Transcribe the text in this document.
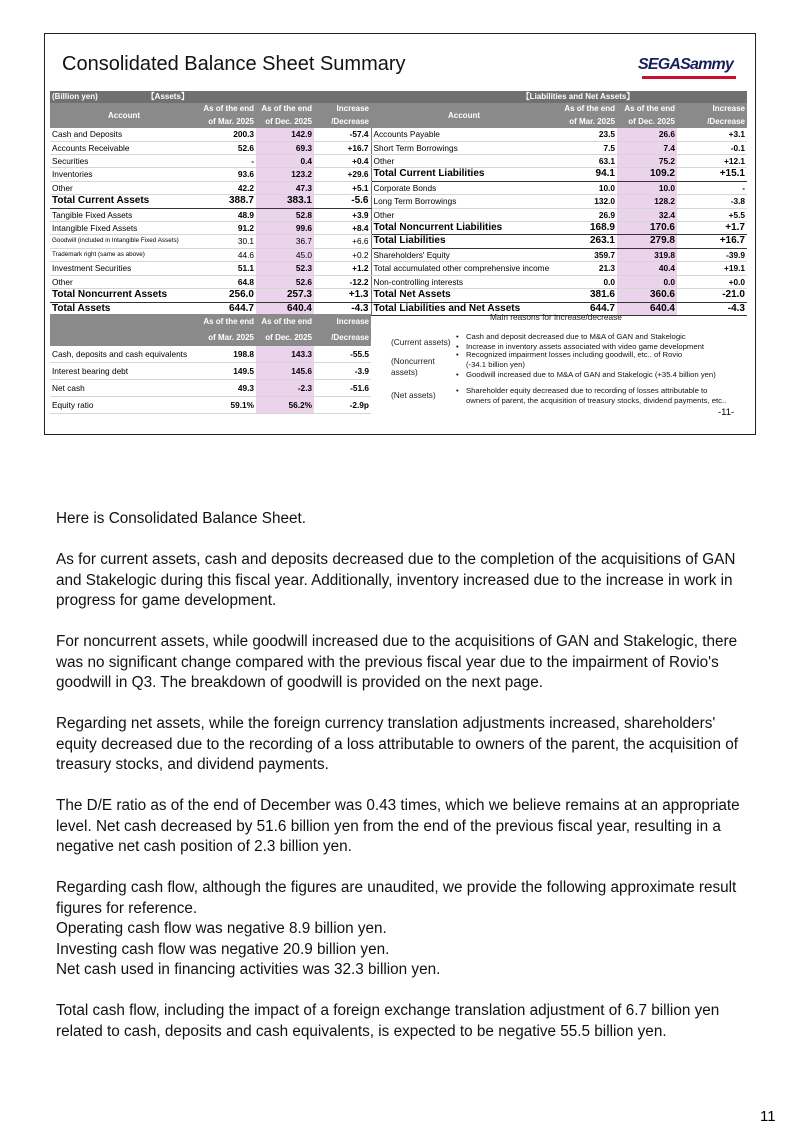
Consolidated Balance Sheet Summary	SEGASammy
(Billion yen) 【Assets】				【Liabilities and Net Assets】			
Account	As of the end of Mar. 2025	As of the end of Dec. 2025	Increase /Decrease	Account	As of the end of Mar. 2025	As of the end of Dec. 2025	Increase /Decrease
Cash and Deposits	200.3	142.9	-57.4	Accounts Payable	23.5	26.6	+3.1
Accounts Receivable	52.6	69.3	+16.7	Short Term Borrowings	7.5	7.4	-0.1
Securities	-	0.4	+0.4	Other	63.1	75.2	+12.1
Inventories	93.6	123.2	+29.6	Total Current Liabilities	94.1	109.2	+15.1
Other	42.2	47.3	+5.1	Corporate Bonds	10.0	10.0	-
Total Current Assets	388.7	383.1	-5.6	Long Term Borrowings	132.0	128.2	-3.8
Tangible Fixed Assets	48.9	52.8	+3.9	Other	26.9	32.4	+5.5
Intangible Fixed Assets	91.2	99.6	+8.4	Total Noncurrent Liabilities	168.9	170.6	+1.7
Goodwill (included in Intangible Fixed Assets)	30.1	36.7	+6.6	Total Liabilities	263.1	279.8	+16.7
Trademark right (same as above)	44.6	45.0	+0.2	Shareholders' Equity	359.7	319.8	-39.9
Investment Securities	51.1	52.3	+1.2	Total accumulated other comprehensive income	21.3	40.4	+19.1
Other	64.8	52.6	-12.2	Non-controlling interests	0.0	0.0	+0.0
Total Noncurrent Assets	256.0	257.3	+1.3	Total Net Assets	381.6	360.6	-21.0
Total Assets	644.7	640.4	-4.3	Total Liabilities and Net Assets	644.7	640.4	-4.3
	As of the end of Mar. 2025	As of the end of Dec. 2025	Increase /Decrease
Cash, deposits and cash equivalents	198.8	143.3	-55.5
Interest bearing debt	149.5	145.6	-3.9
Net cash	49.3	-2.3	-51.6
Equity ratio	59.1%	56.2%	-2.9p
Main reasons for increase/decrease
(Current assets)
• Cash and deposit decreased due to M&A of GAN and Stakelogic
• Increase in inventory assets associated with video game development
(Noncurrent
assets)
• Recognized impairment losses including goodwill, etc.. of Rovio
(-34.1 billion yen)
• Goodwill increased due to M&A of GAN and Stakelogic (+35.4 billion yen)
(Net assets)	• Shareholder equity decreased due to recording of losses attributable to
owners of parent, the acquisition of treasury stocks, dividend payments, etc..
-11-

Here is Consolidated Balance Sheet.

As for current assets, cash and deposits decreased due to the completion of the acquisitions of GAN and Stakelogic during this fiscal year. Additionally, inventory increased due to the increase in work in progress for game development.

For noncurrent assets, while goodwill increased due to the acquisitions of GAN and Stakelogic, there was no significant change compared with the previous fiscal year due to the impairment of Rovio's goodwill in Q3. The breakdown of goodwill is provided on the next page.

Regarding net assets, while the foreign currency translation adjustments increased, shareholders' equity decreased due to the recording of a loss attributable to owners of the parent, the acquisition of treasury stocks, and dividend payments.

The D/E ratio as of the end of December was 0.43 times, which we believe remains at an appropriate level. Net cash decreased by 51.6 billion yen from the end of the previous fiscal year, resulting in a negative net cash position of 2.3 billion yen.

Regarding cash flow, although the figures are unaudited, we provide the following approximate result figures for reference.
Operating cash flow was negative 8.9 billion yen.
Investing cash flow was negative 20.9 billion yen.
Net cash used in financing activities was 32.3 billion yen.

Total cash flow, including the impact of a foreign exchange translation adjustment of 6.7 billion yen related to cash, deposits and cash equivalents, is expected to be negative 55.5 billion yen.

11
